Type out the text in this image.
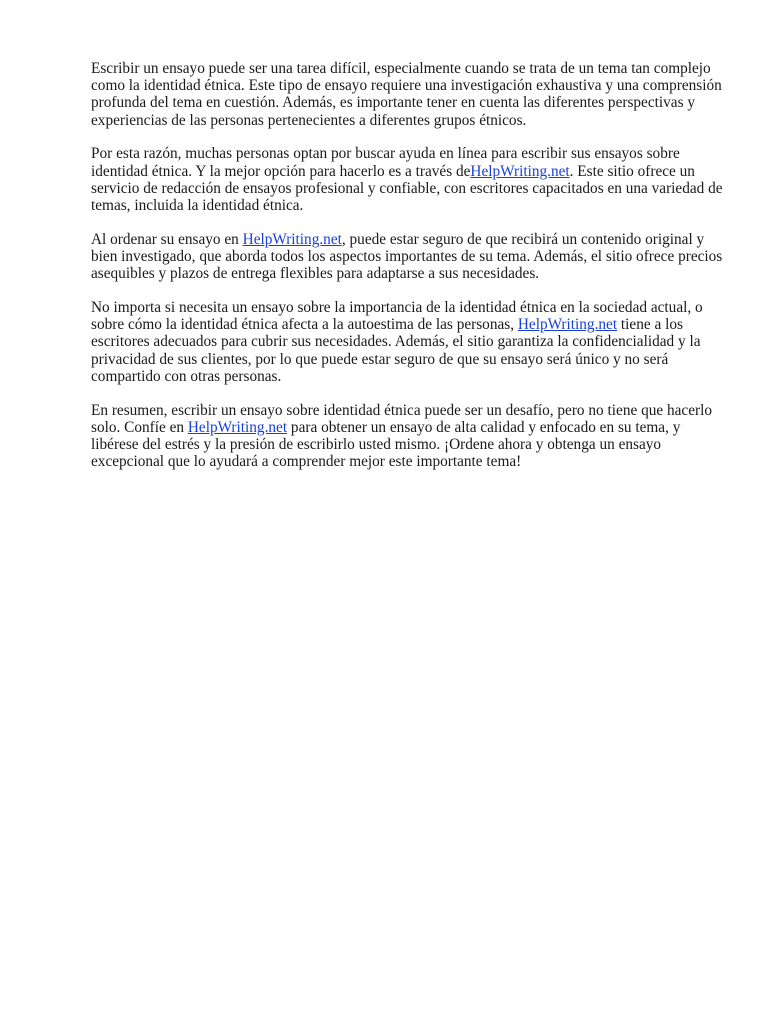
Escribir un ensayo puede ser una tarea difícil, especialmente cuando se trata de un tema tan complejo como la identidad étnica. Este tipo de ensayo requiere una investigación exhaustiva y una comprensión profunda del tema en cuestión. Además, es importante tener en cuenta las diferentes perspectivas y experiencias de las personas pertenecientes a diferentes grupos étnicos.

Por esta razón, muchas personas optan por buscar ayuda en línea para escribir sus ensayos sobre identidad étnica. Y la mejor opción para hacerlo es a través deHelpWriting.net. Este sitio ofrece un servicio de redacción de ensayos profesional y confiable, con escritores capacitados en una variedad de temas, incluida la identidad étnica.

Al ordenar su ensayo en HelpWriting.net, puede estar seguro de que recibirá un contenido original y bien investigado, que aborda todos los aspectos importantes de su tema. Además, el sitio ofrece precios asequibles y plazos de entrega flexibles para adaptarse a sus necesidades.

No importa si necesita un ensayo sobre la importancia de la identidad étnica en la sociedad actual, o sobre cómo la identidad étnica afecta a la autoestima de las personas, HelpWriting.net tiene a los escritores adecuados para cubrir sus necesidades. Además, el sitio garantiza la confidencialidad y la privacidad de sus clientes, por lo que puede estar seguro de que su ensayo será único y no será compartido con otras personas.

En resumen, escribir un ensayo sobre identidad étnica puede ser un desafío, pero no tiene que hacerlo solo. Confíe en HelpWriting.net para obtener un ensayo de alta calidad y enfocado en su tema, y libérese del estrés y la presión de escribirlo usted mismo. ¡Ordene ahora y obtenga un ensayo excepcional que lo ayudará a comprender mejor este importante tema!
